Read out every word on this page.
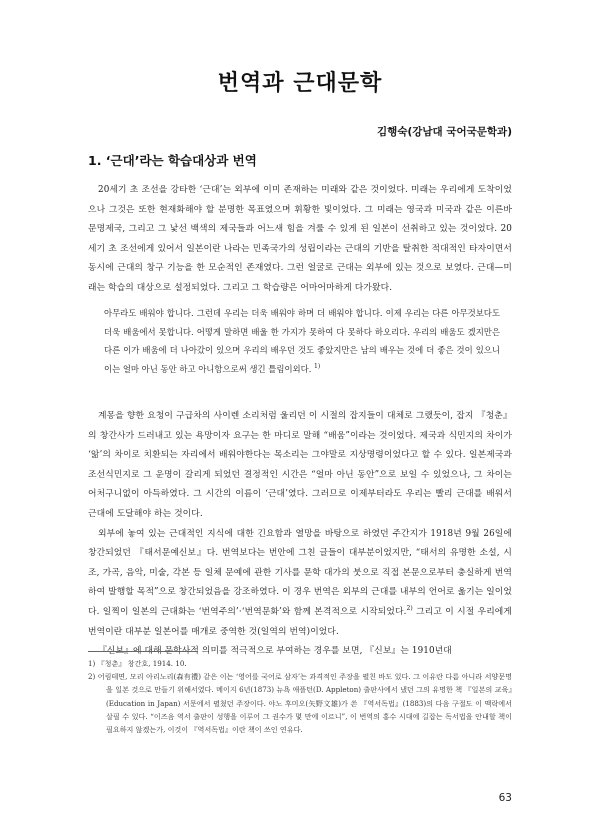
번역과 근대문학
김행숙(강남대 국어국문학과)
1. ‘근대’라는 학습대상과 번역

20세기 초 조선을 강타한 ‘근대’는 외부에 이미 존재하는 미래와 같은 것이었다. 미래는 우리에게 도착이었으나 그것은 또한 현재화해야 할 분명한 목표였으며 휘황한 빛이었다. 그 미래는 영국과 미국과 같은 이른바 문명제국, 그리고 그 낯선 백색의 제국들과 어느새 힘을 겨룰 수 있게 된 일본이 선취하고 있는 것이었다. 20세기 초 조선에게 있어서 일본이란 나라는 민족국가의 성립이라는 근대의 기반을 탈취한 적대적인 타자이면서 동시에 근대의 창구 기능을 한 모순적인 존재였다. 그런 얼굴로 근대는 외부에 있는 것으로 보였다. 근대—미래는 학습의 대상으로 설정되었다. 그리고 그 학습량은 어마어마하게 다가왔다.

아무라도 배워야 합니다. 그런데 우리는 더욱 배워야 하며 더 배워야 합니다. 이제 우리는 다른 아무것보다도 더욱 배움에서 못합니다. 어떻게 말하면 배울 한 가지가 못하여 다 못하다 하오리다. 우리의 배움도 겠지만은 다른 이가 배움에 더 나아갔이 있으며 우리의 배우던 것도 좋았지만은 남의 배우는 것에 더 좋은 것이 있으니 이는 얼마 아닌 동안 하고 아니함으로써 생긴 틀림이외다. $^{1)}$

계몽을 향한 요청이 구급차의 사이렌 소리처럼 울리던 이 시절의 잡지들이 대체로 그랬듯이, 잡지 『청춘』의 창간사가 드러내고 있는 욕망이자 요구는 한 마디로 말해 “배움”이라는 것이었다. 제국과 식민지의 차이가 ‘앎’의 차이로 치환되는 자리에서 배워야한다는 목소리는 그야말로 지상명령이었다고 할 수 있다. 일본제국과 조선식민지로 그 운명이 갈리게 되었던 결정적인 시간은 “얼마 아닌 동안”으로 보일 수 있었으나, 그 차이는 어처구니없이 아득하였다. 그 시간의 이름이 ‘근대’였다. 그러므로 이제부터라도 우리는 빨리 근대를 배워서 근대에 도달해야 하는 것이다.

외부에 놓여 있는 근대적인 지식에 대한 긴요함과 열망을 바탕으로 하였던 주간지가 1918년 9월 26일에 창간되었던 『태서문예신보』다. 번역보다는 번안에 그친 글들이 대부분이었지만, “태서의 유명한 소설, 시조, 가곡, 음악, 미술, 각본 등 일체 문예에 관한 기사를 문학 대가의 붓으로 직접 본문으로부터 충실하게 번역하여 발행할 목적”으로 창간되었음을 강조하였다. 이 경우 번역은 외부의 근대를 내부의 언어로 옮기는 일이었다. 일찍이 일본의 근대화는 ‘번역주의’·‘번역문화’와 함께 본격적으로 시작되었다.$^{2)}$ 그리고 이 시절 우리에게 번역이란 대부분 일본어를 매개로 중역한 것(일역의 번역)이었다.

『신보』에 대해 문학사적 의미를 적극적으로 부여하는 경우를 보면, 『신보』는 1910년대

1) 『청춘』 창간호, 1914. 10.

2) 어림테면, 모리 아리노리(森有禮) 같은 이는 ‘영어를 국어로 삼자’는 과격적인 주장을 펼친 바도 있다. 그 이유란 다름 아니라 서양문명을 일본 것으로 만들기 위해서였다. 메이지 6년(1873) 뉴욕 애플턴(D. Appleton) 출판사에서 냈던 그의 유명한 책 『일본의 교육』(Education in Japan) 서문에서 펼쳤던 주장이다. 야노 후미오(矢野文雄)가 쓴 『역서독법』(1883)의 다음 구절도 이 맥락에서 살필 수 있다. “이즈음 역서 출판이 성행을 이루어 그 권수가 몇 만에 이르니”, 이 번역의 홍수 시대에 길잡는 독서법을 안내할 책이 필요하지 않겠는가, 이것이 『역서독법』이란 책이 쓰인 연유다.

63
